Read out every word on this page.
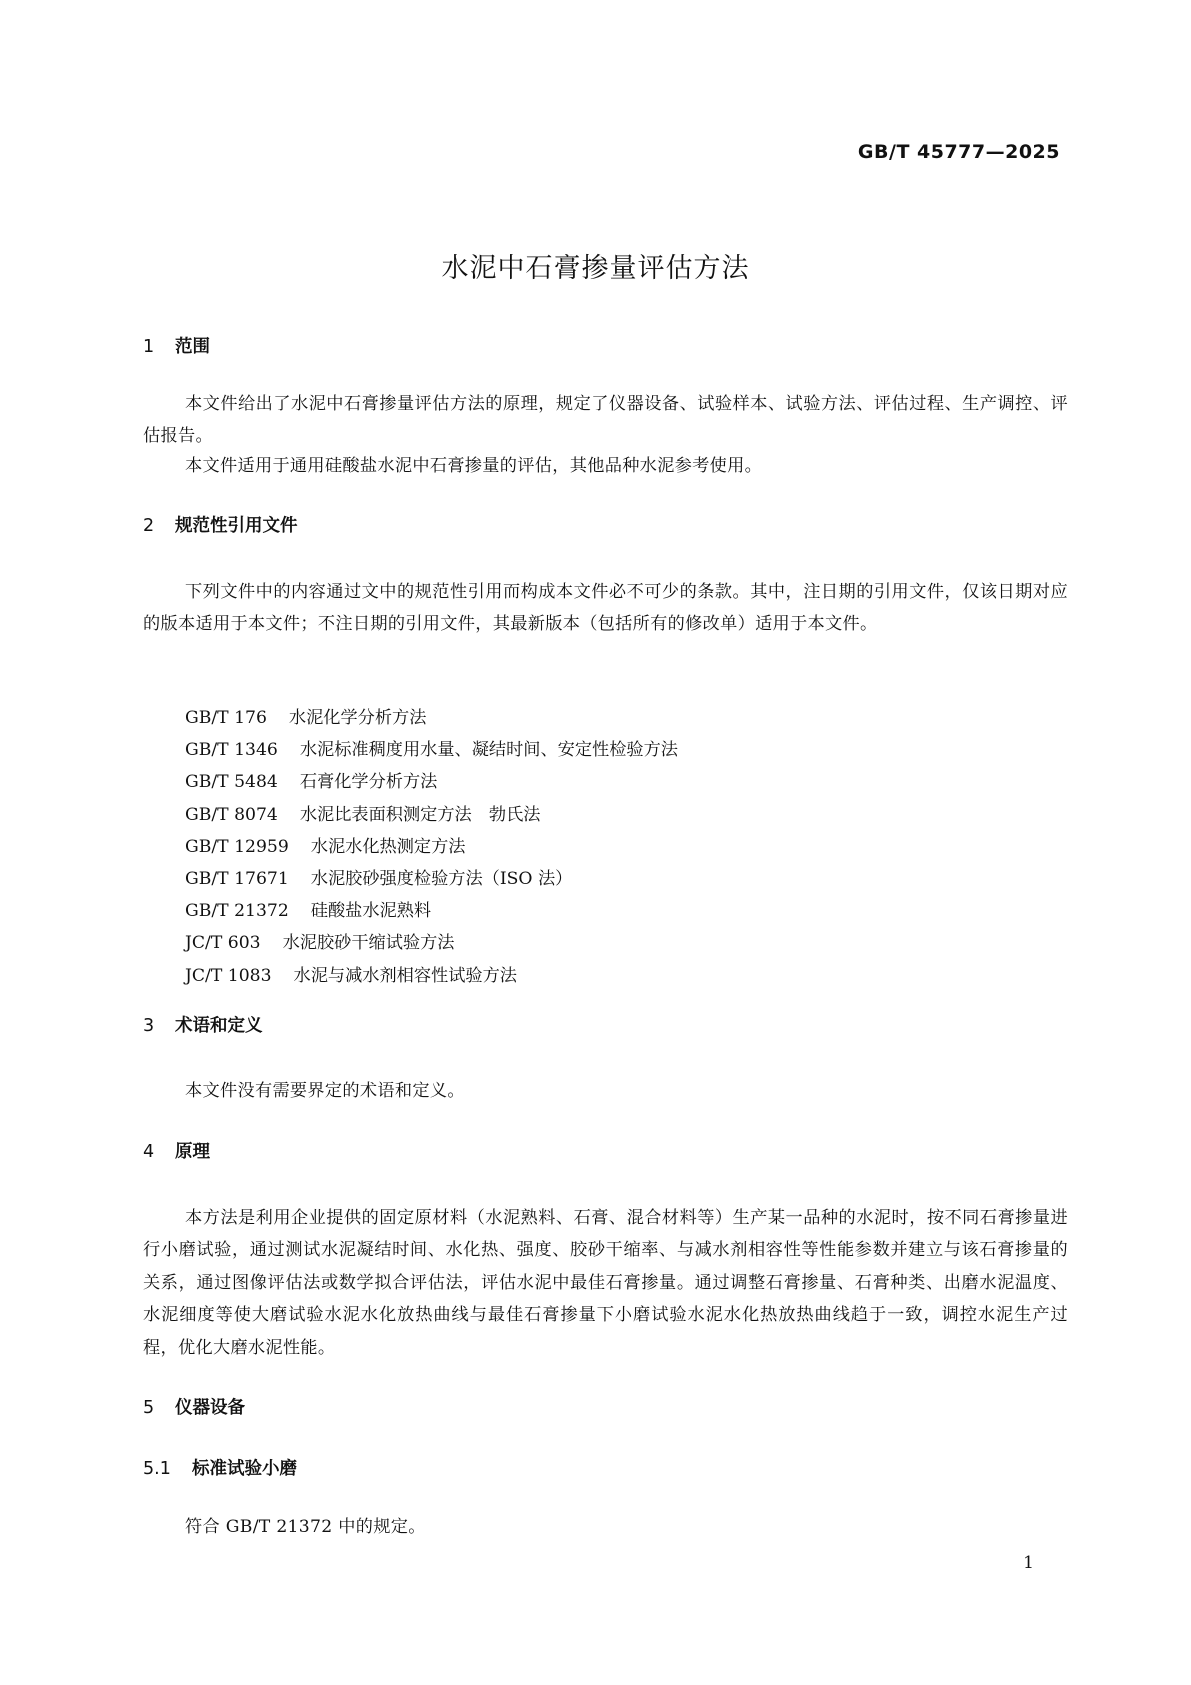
GB/T 45777—2025
水泥中石膏掺量评估方法
1 范围
本文件给出了水泥中石膏掺量评估方法的原理，规定了仪器设备、试验样本、试验方法、评估过程、生产调控、评估报告。
本文件适用于通用硅酸盐水泥中石膏掺量的评估，其他品种水泥参考使用。
2 规范性引用文件
下列文件中的内容通过文中的规范性引用而构成本文件必不可少的条款。其中，注日期的引用文件，仅该日期对应的版本适用于本文件；不注日期的引用文件，其最新版本（包括所有的修改单）适用于本文件。
GB/T 176 水泥化学分析方法
GB/T 1346 水泥标准稠度用水量、凝结时间、安定性检验方法
GB/T 5484 石膏化学分析方法
GB/T 8074 水泥比表面积测定方法　勃氏法
GB/T 12959 水泥水化热测定方法
GB/T 17671 水泥胶砂强度检验方法（ISO 法）
GB/T 21372 硅酸盐水泥熟料
JC/T 603 水泥胶砂干缩试验方法
JC/T 1083 水泥与减水剂相容性试验方法
3 术语和定义
本文件没有需要界定的术语和定义。
4 原理
本方法是利用企业提供的固定原材料（水泥熟料、石膏、混合材料等）生产某一品种的水泥时，按不同石膏掺量进行小磨试验，通过测试水泥凝结时间、水化热、强度、胶砂干缩率、与减水剂相容性等性能参数并建立与该石膏掺量的关系，通过图像评估法或数学拟合评估法，评估水泥中最佳石膏掺量。通过调整石膏掺量、石膏种类、出磨水泥温度、水泥细度等使大磨试验水泥水化放热曲线与最佳石膏掺量下小磨试验水泥水化热放热曲线趋于一致，调控水泥生产过程，优化大磨水泥性能。
5 仪器设备
5.1 标准试验小磨
符合 GB/T 21372 中的规定。
1
